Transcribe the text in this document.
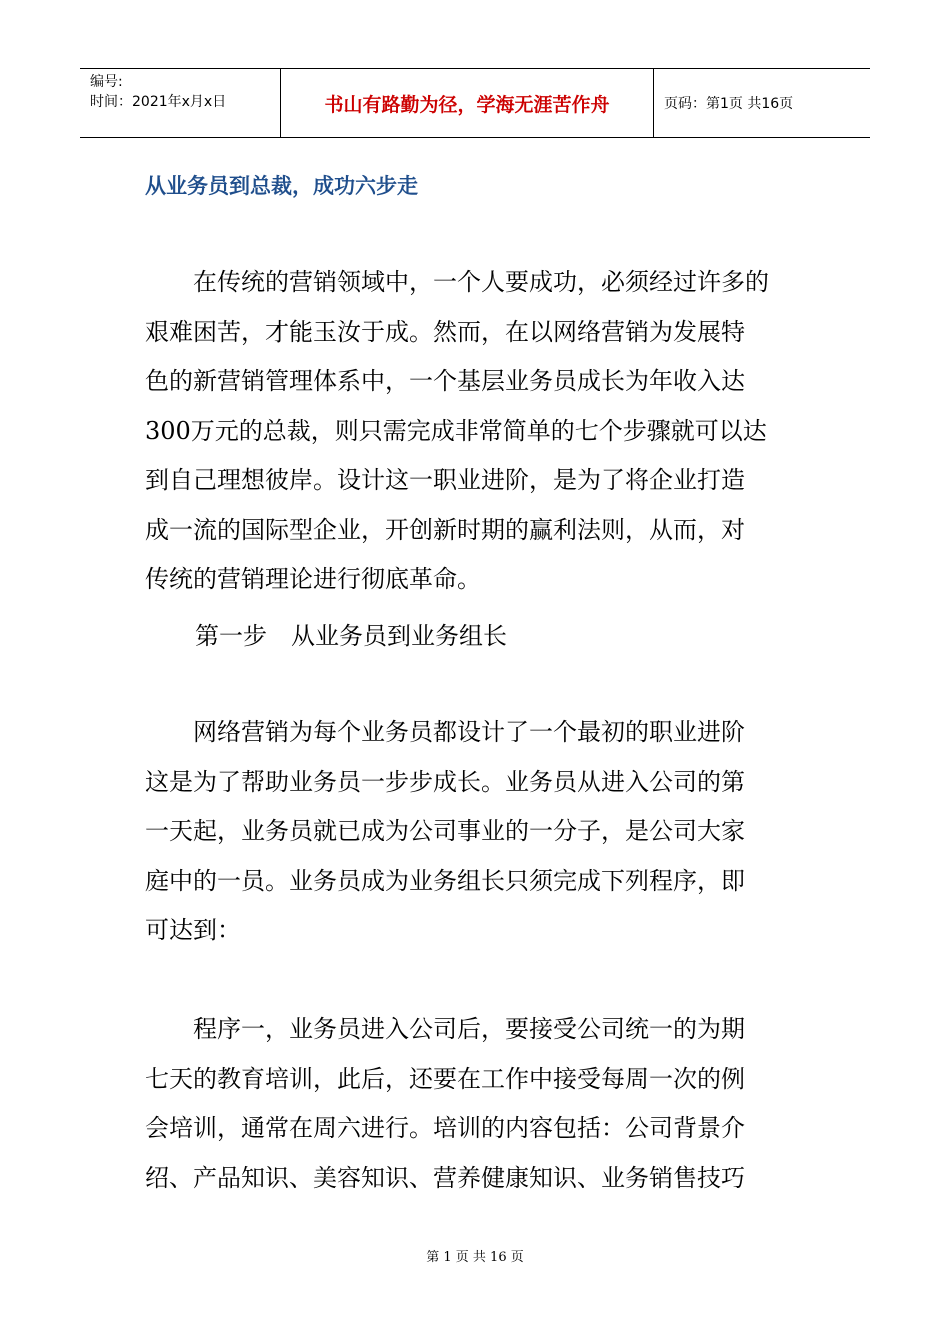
编号:
时间：2021年x月x日	书山有路勤为径，学海无涯苦作舟	页码：第1页 共16页
从业务员到总裁，成功六步走
　　在传统的营销领域中，一个人要成功，必须经过许多的
艰难困苦，才能玉汝于成。然而，在以网络营销为发展特
色的新营销管理体系中，一个基层业务员成长为年收入达
300万元的总裁，则只需完成非常简单的七个步骤就可以达
到自己理想彼岸。设计这一职业进阶，是为了将企业打造
成一流的国际型企业，开创新时期的赢利法则，从而，对
传统的营销理论进行彻底革命。
第一步　从业务员到业务组长
　　网络营销为每个业务员都设计了一个最初的职业进阶
这是为了帮助业务员一步步成长。业务员从进入公司的第
一天起，业务员就已成为公司事业的一分子，是公司大家
庭中的一员。业务员成为业务组长只须完成下列程序，即
可达到：
　　程序一，业务员进入公司后，要接受公司统一的为期
七天的教育培训，此后，还要在工作中接受每周一次的例
会培训，通常在周六进行。培训的内容包括：公司背景介
绍、产品知识、美容知识、营养健康知识、业务销售技巧
第 1 页 共 16 页
